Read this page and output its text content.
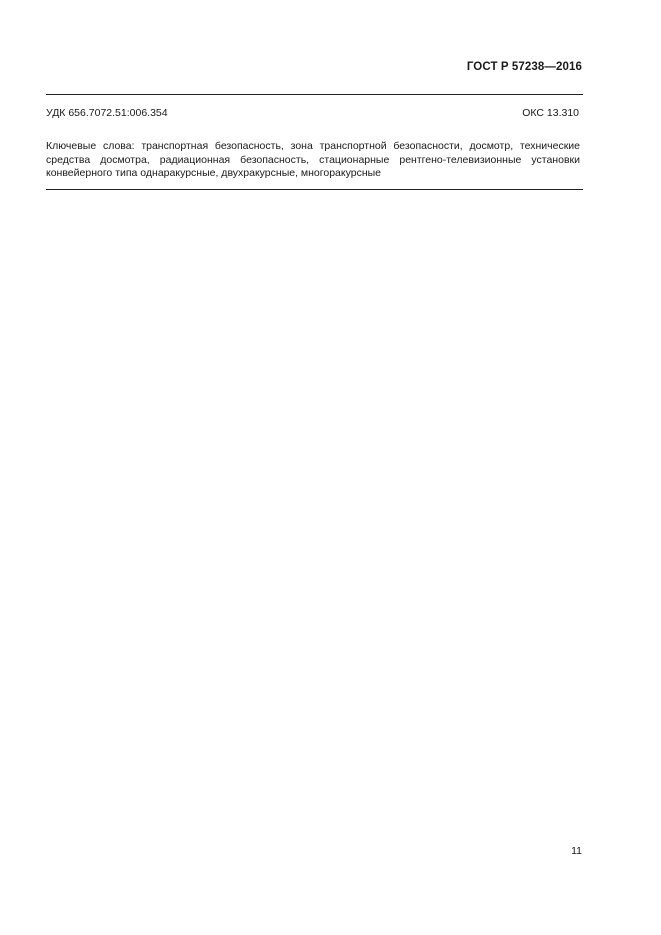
ГОСТ Р 57238—2016
УДК 656.7072.51:006.354	ОКС 13.310
Ключевые слова: транспортная безопасность, зона транспортной безопасности, досмотр, технические
средства досмотра, радиационная безопасность, стационарные рентгено-телевизионные установки
конвейерного типа однаракурсные, двухракурсные, многоракурсные
11
